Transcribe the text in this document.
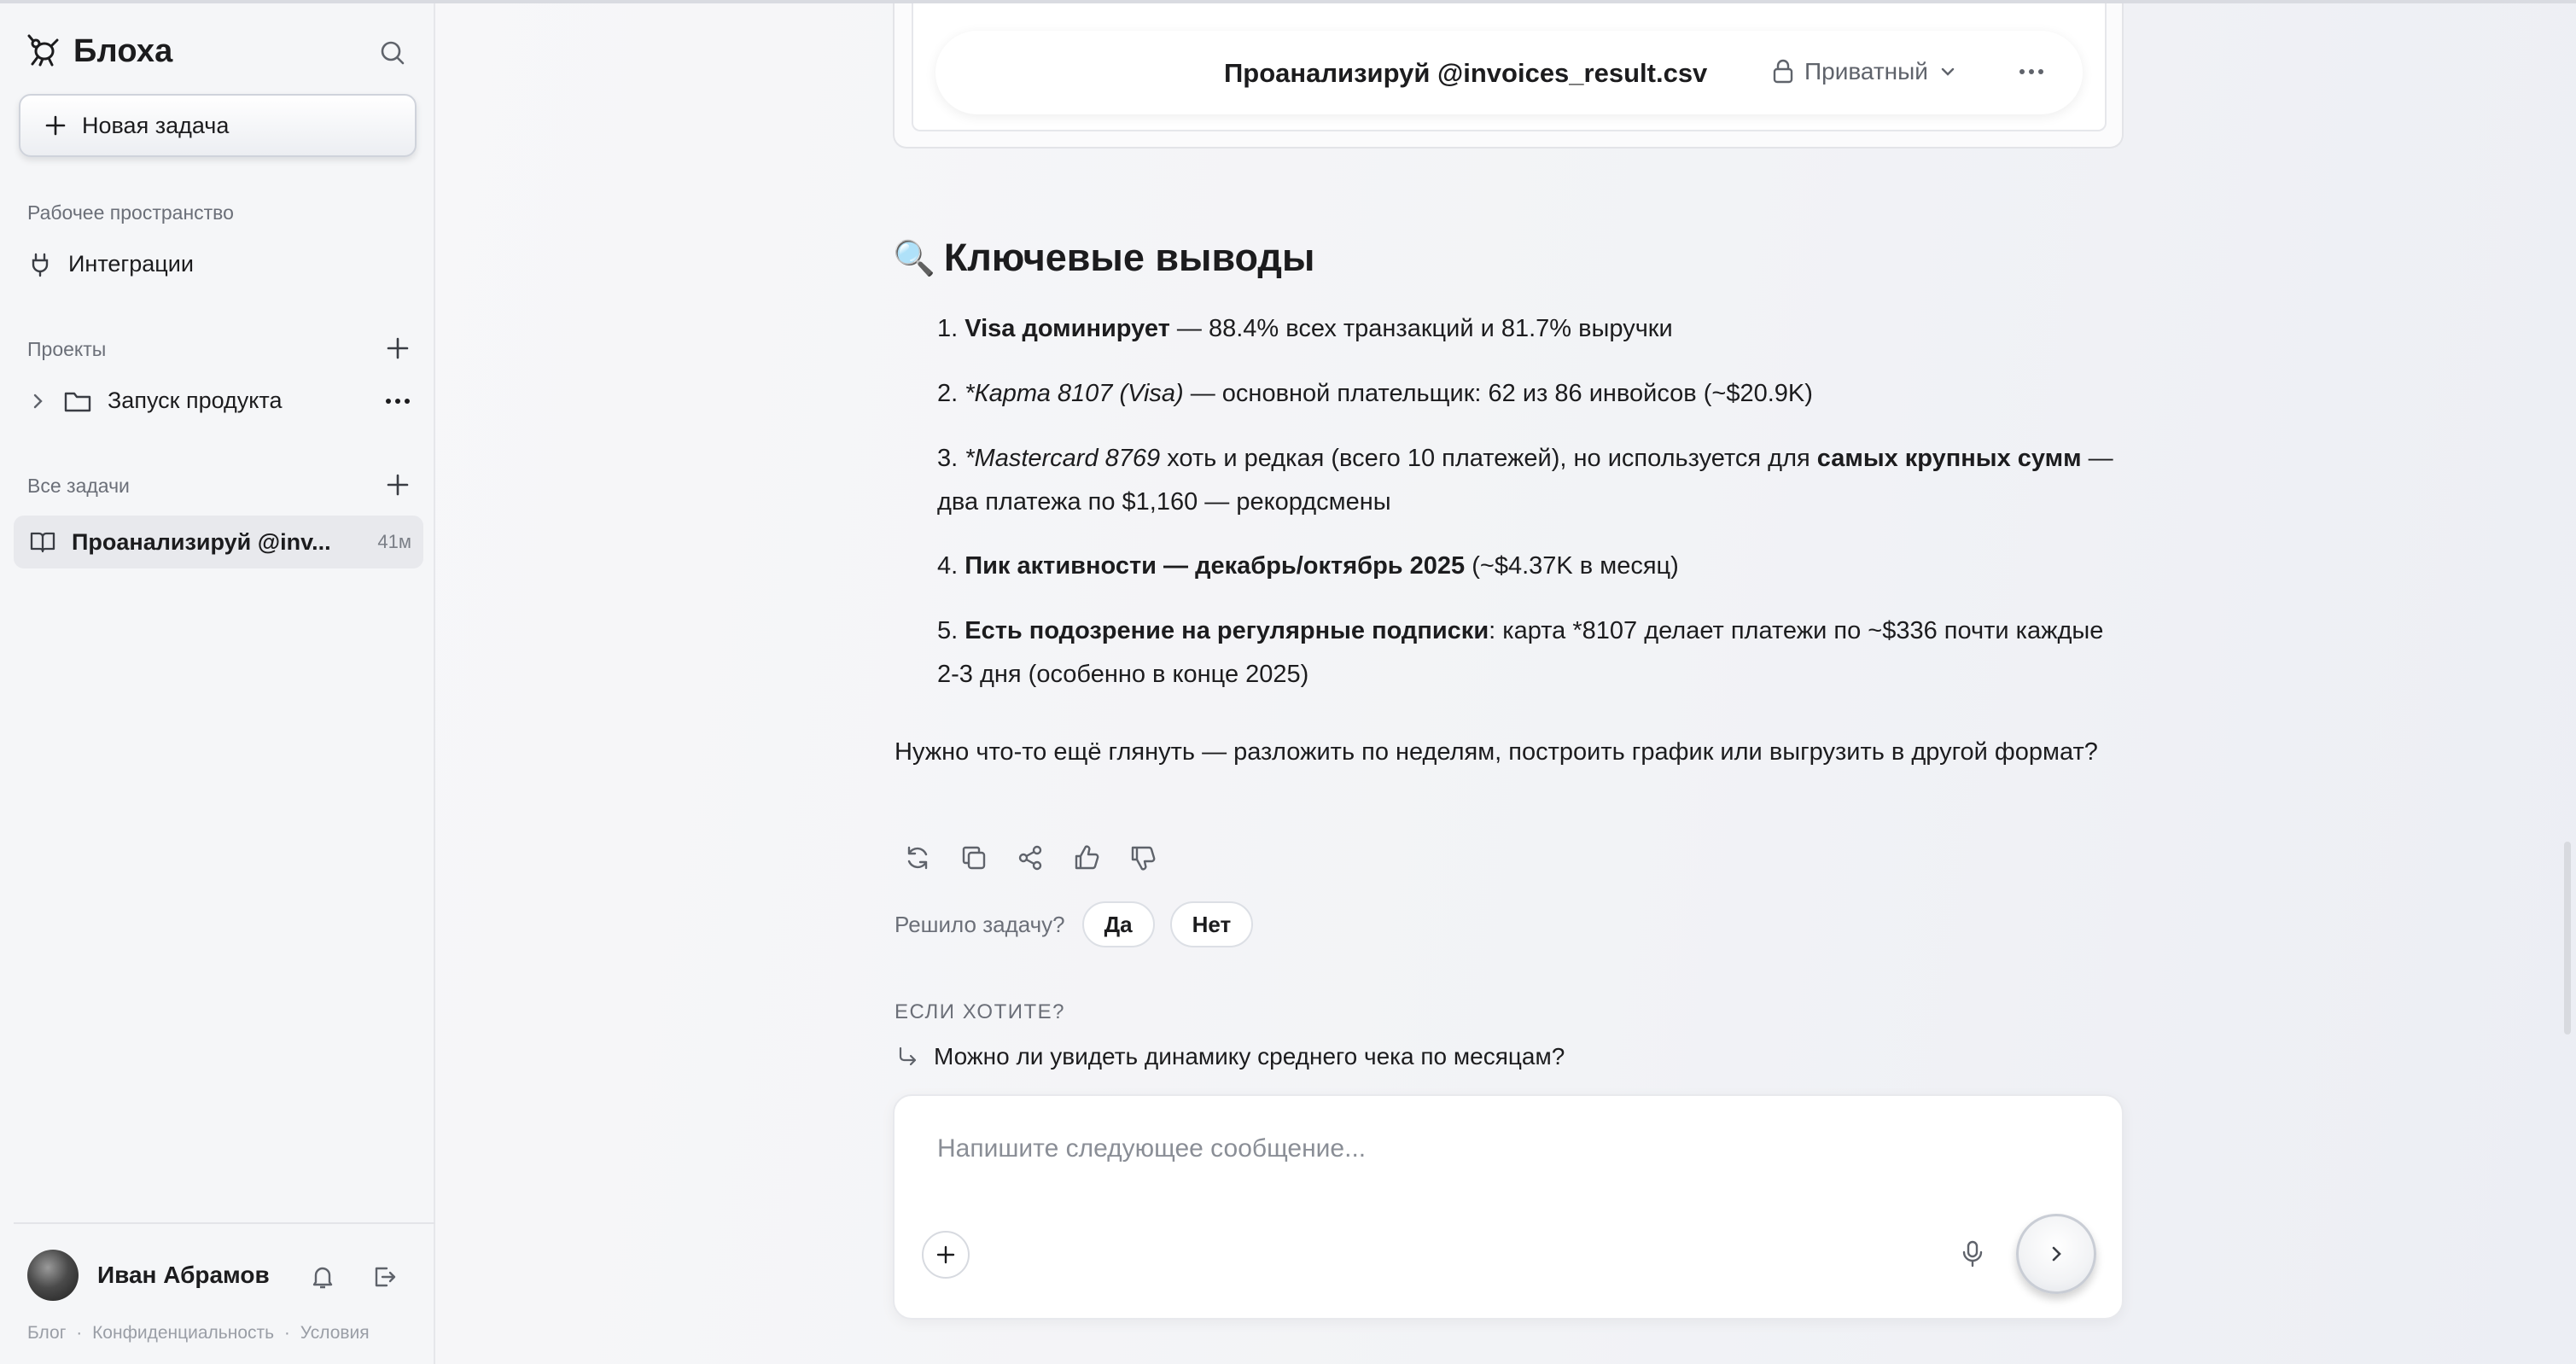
Блоха
Новая задача
Рабочее пространство
Интеграции
Проекты
Запуск продукта
Все задачи
Проанализируй @inv...	41м
Иван Абрамов
Блог · Конфиденциальность · Условия
Проанализируй @invoices_result.csv	Приватный
🔍 Ключевые выводы
1. Visa доминирует — 88.4% всех транзакций и 81.7% выручки
2. *Карта 8107 (Visa) — основной плательщик: 62 из 86 инвойсов (~$20.9K)
3. *Mastercard 8769 хоть и редкая (всего 10 платежей), но используется для самых крупных сумм — два платежа по $1,160 — рекордсмены
4. Пик активности — декабрь/октябрь 2025 (~$4.37K в месяц)
5. Есть подозрение на регулярные подписки: карта *8107 делает платежи по ~$336 почти каждые 2-3 дня (особенно в конце 2025)
Нужно что-то ещё глянуть — разложить по неделям, построить график или выгрузить в другой формат?
Решило задачу?	Да	Нет
ЕСЛИ ХОТИТЕ?
Можно ли увидеть динамику среднего чека по месяцам?
Напишите следующее сообщение...
